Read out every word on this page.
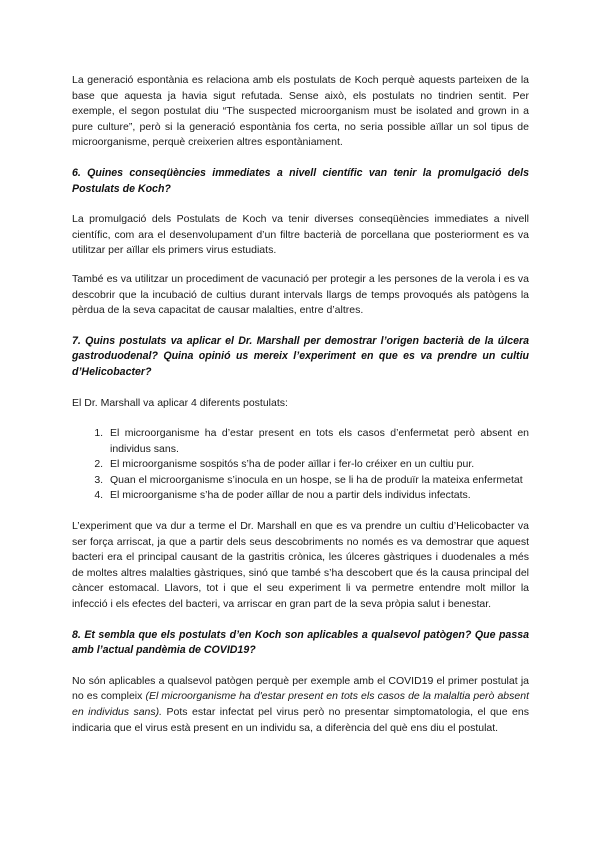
La generació espontània es relaciona amb els postulats de Koch perquè aquests parteixen de la base que aquesta ja havia sigut refutada. Sense això, els postulats no tindrien sentit. Per exemple, el segon postulat diu “The suspected microorganism must be isolated and grown in a pure culture”, però si la generació espontània fos certa, no seria possible aïllar un sol tipus de microorganisme, perquè creixerien altres espontàniament.

6. Quines conseqüències immediates a nivell científic van tenir la promulgació dels Postulats de Koch?

La promulgació dels Postulats de Koch va tenir diverses conseqüències immediates a nivell científic, com ara el desenvolupament d’un filtre bacterià de porcellana que posteriorment es va utilitzar per aïllar els primers virus estudiats.

També es va utilitzar un procediment de vacunació per protegir a les persones de la verola i es va descobrir que la incubació de cultius durant intervals llargs de temps provoqués als patògens la pèrdua de la seva capacitat de causar malalties, entre d’altres.

7. Quins postulats va aplicar el Dr. Marshall per demostrar l’origen bacterià de la úlcera gastroduodenal? Quina opinió us mereix l’experiment en que es va prendre un cultiu d’Helicobacter?

El Dr. Marshall va aplicar 4 diferents postulats:

1. El microorganisme ha d’estar present en tots els casos d’enfermetat però absent en individus sans.
2. El microorganisme sospitós s’ha de poder aïllar i fer-lo créixer en un cultiu pur.
3. Quan el microorganisme s’inocula en un hospe, se li ha de produïr la mateixa enfermetat
4. El microorganisme s’ha de poder aïllar de nou a partir dels individus infectats.

L’experiment que va dur a terme el Dr. Marshall en que es va prendre un cultiu d’Helicobacter va ser força arriscat, ja que a partir dels seus descobriments no només es va demostrar que aquest bacteri era el principal causant de la gastritis crònica, les úlceres gàstriques i duodenales a més de moltes altres malalties gàstriques, sinó que també s’ha descobert que és la causa principal del càncer estomacal. Llavors, tot i que el seu experiment li va permetre entendre molt millor la infecció i els efectes del bacteri, va arriscar en gran part de la seva pròpia salut i benestar.

8. Et sembla que els postulats d’en Koch son aplicables a qualsevol patògen? Que passa amb l’actual pandèmia de COVID19?

No són aplicables a qualsevol patògen perquè per exemple amb el COVID19 el primer postulat ja no es compleix (El microorganisme ha d'estar present en tots els casos de la malaltia però absent en individus sans). Pots estar infectat pel virus però no presentar simptomatologia, el que ens indicaria que el virus està present en un individu sa, a diferència del què ens diu el postulat.
